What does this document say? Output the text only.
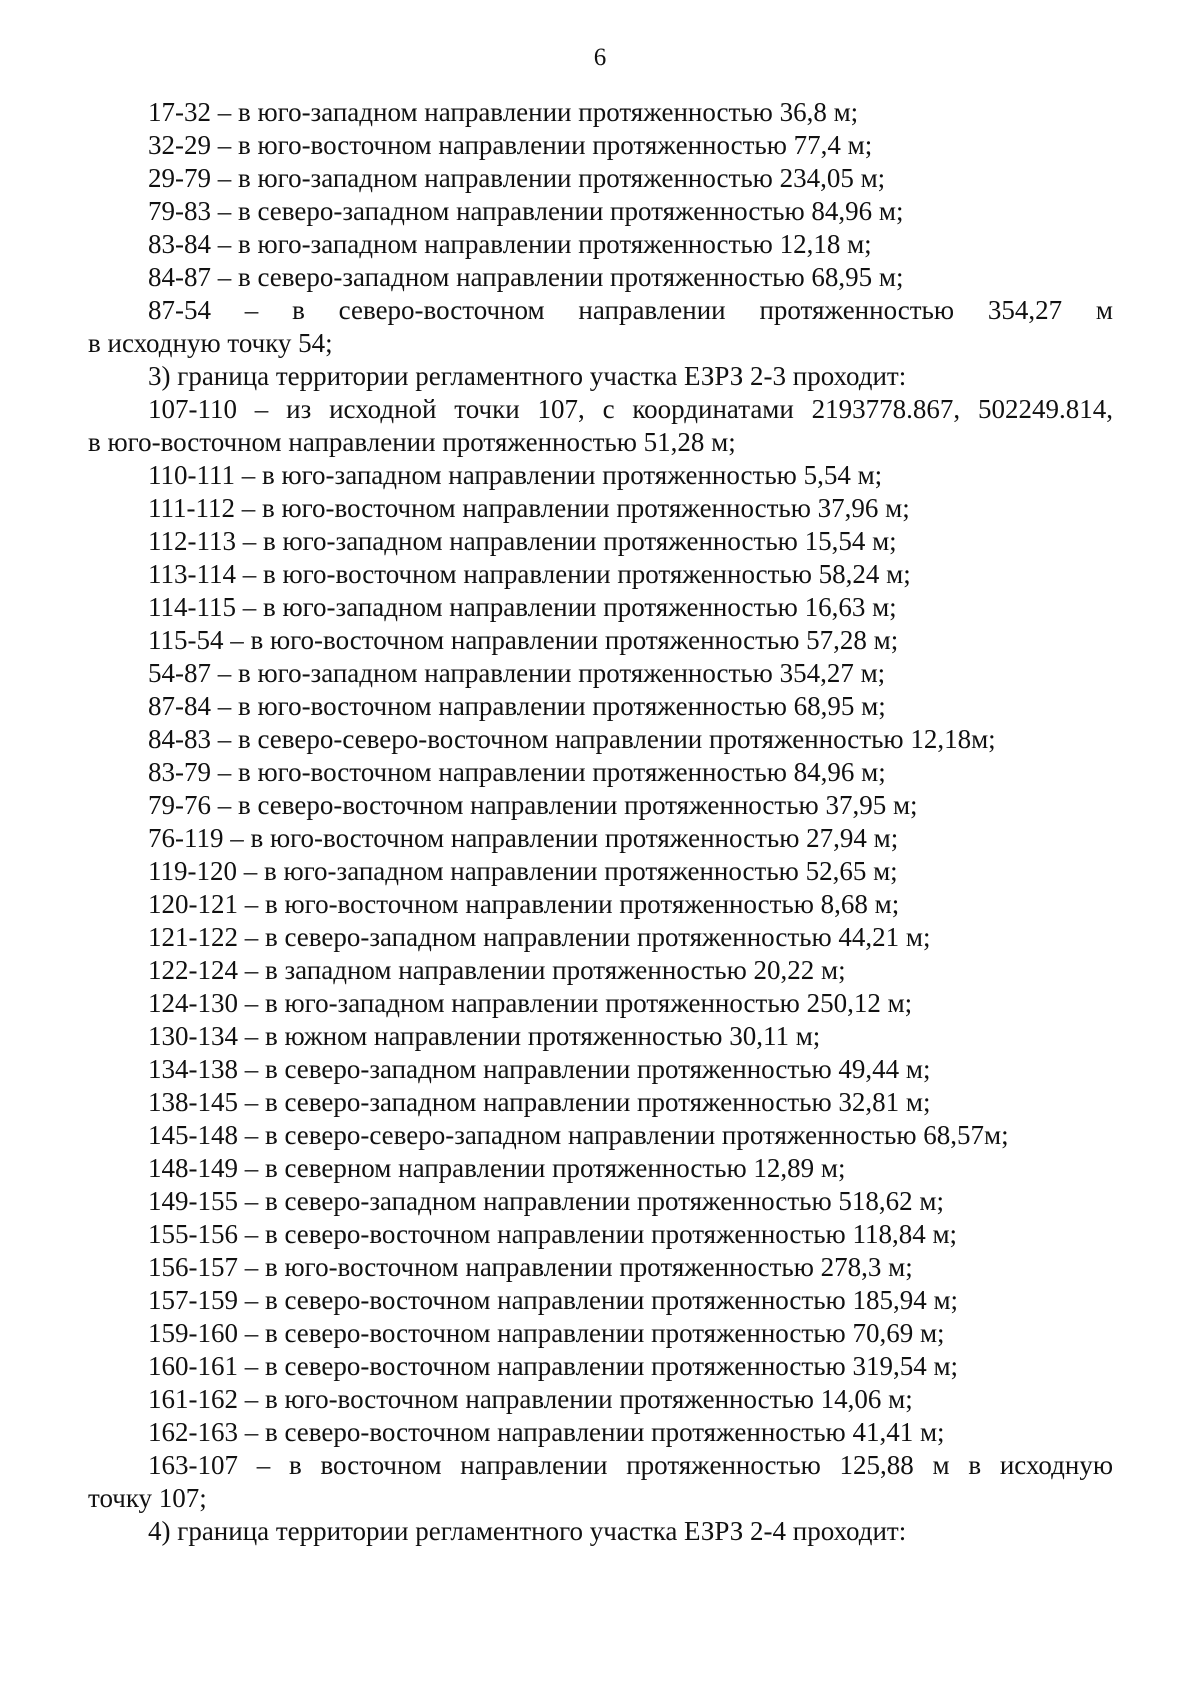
6
17-32 – в юго-западном направлении протяженностью 36,8 м;
32-29 – в юго-восточном направлении протяженностью 77,4 м;
29-79 – в юго-западном направлении протяженностью 234,05 м;
79-83 – в северо-западном направлении протяженностью 84,96 м;
83-84 – в юго-западном направлении протяженностью 12,18 м;
84-87 – в северо-западном направлении протяженностью 68,95 м;
87-54 – в северо-восточном направлении протяженностью 354,27 м
в исходную точку 54;
3) граница территории регламентного участка ЕЗРЗ 2-3 проходит:
107-110 – из исходной точки 107, с координатами 2193778.867, 502249.814,
в юго-восточном направлении протяженностью 51,28 м;
110-111 – в юго-западном направлении протяженностью 5,54 м;
111-112 – в юго-восточном направлении протяженностью 37,96 м;
112-113 – в юго-западном направлении протяженностью 15,54 м;
113-114 – в юго-восточном направлении протяженностью 58,24 м;
114-115 – в юго-западном направлении протяженностью 16,63 м;
115-54 – в юго-восточном направлении протяженностью 57,28 м;
54-87 – в юго-западном направлении протяженностью 354,27 м;
87-84 – в юго-восточном направлении протяженностью 68,95 м;
84-83 – в северо-северо-восточном направлении протяженностью 12,18м;
83-79 – в юго-восточном направлении протяженностью 84,96 м;
79-76 – в северо-восточном направлении протяженностью 37,95 м;
76-119 – в юго-восточном направлении протяженностью 27,94 м;
119-120 – в юго-западном направлении протяженностью 52,65 м;
120-121 – в юго-восточном направлении протяженностью 8,68 м;
121-122 – в северо-западном направлении протяженностью 44,21 м;
122-124 – в западном направлении протяженностью 20,22 м;
124-130 – в юго-западном направлении протяженностью 250,12 м;
130-134 – в южном направлении протяженностью 30,11 м;
134-138 – в северо-западном направлении протяженностью 49,44 м;
138-145 – в северо-западном направлении протяженностью 32,81 м;
145-148 – в северо-северо-западном направлении протяженностью 68,57м;
148-149 – в северном направлении протяженностью 12,89 м;
149-155 – в северо-западном направлении протяженностью 518,62 м;
155-156 – в северо-восточном направлении протяженностью 118,84 м;
156-157 – в юго-восточном направлении протяженностью 278,3 м;
157-159 – в северо-восточном направлении протяженностью 185,94 м;
159-160 – в северо-восточном направлении протяженностью 70,69 м;
160-161 – в северо-восточном направлении протяженностью 319,54 м;
161-162 – в юго-восточном направлении протяженностью 14,06 м;
162-163 – в северо-восточном направлении протяженностью 41,41 м;
163-107 – в восточном направлении протяженностью 125,88 м в исходную
точку 107;
4) граница территории регламентного участка ЕЗРЗ 2-4 проходит:
